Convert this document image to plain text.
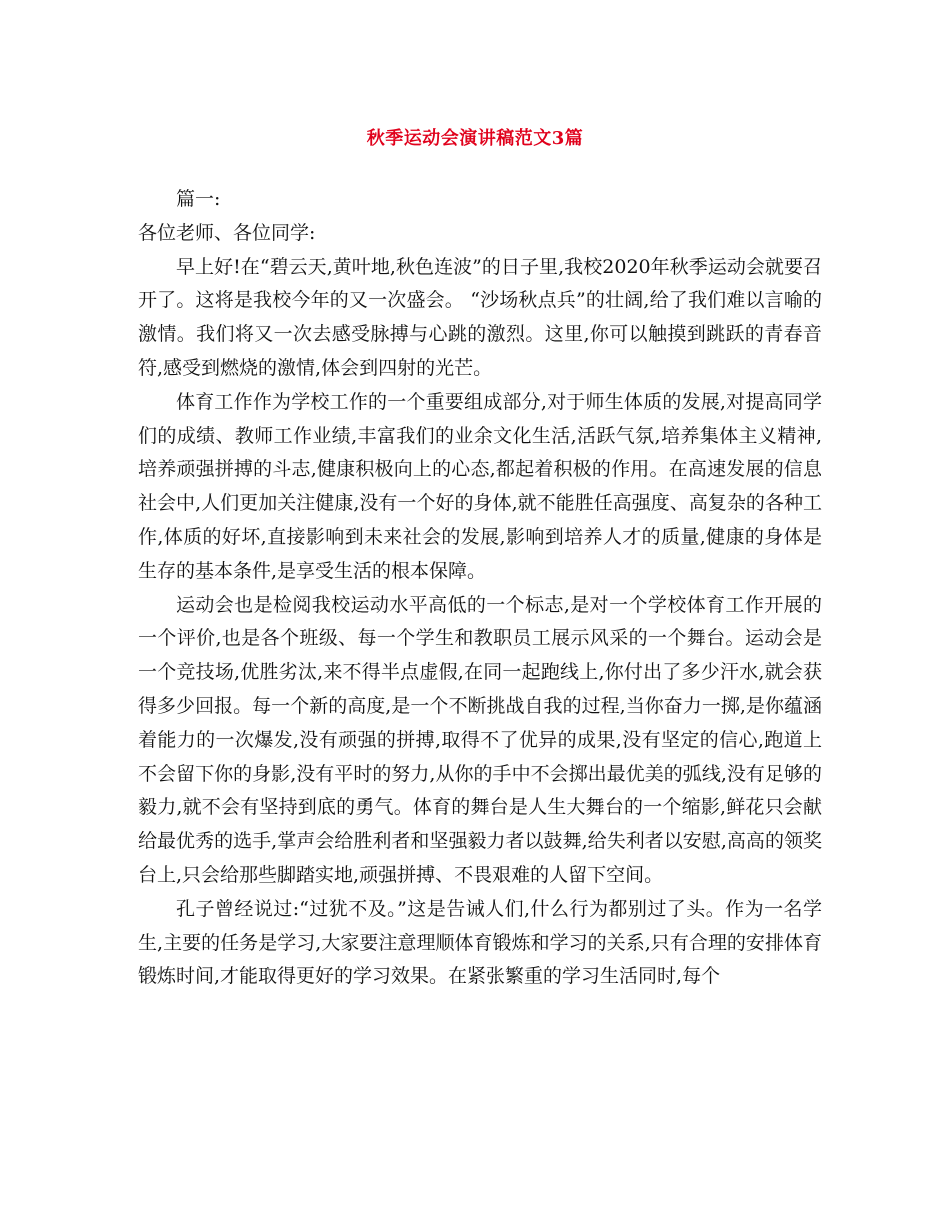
秋季运动会演讲稿范文3篇

篇一:

各位老师、各位同学:

早上好!在“碧云天,黄叶地,秋色连波”的日子里,我校2020年秋季运动会就要召开了。这将是我校今年的又一次盛会。 “沙场秋点兵”的壮阔,给了我们难以言喻的激情。我们将又一次去感受脉搏与心跳的激烈。这里,你可以触摸到跳跃的青春音符,感受到燃烧的激情,体会到四射的光芒。

体育工作作为学校工作的一个重要组成部分,对于师生体质的发展,对提高同学们的成绩、教师工作业绩,丰富我们的业余文化生活,活跃气氛,培养集体主义精神,培养顽强拼搏的斗志,健康积极向上的心态,都起着积极的作用。在高速发展的信息社会中,人们更加关注健康,没有一个好的身体,就不能胜任高强度、高复杂的各种工作,体质的好坏,直接影响到未来社会的发展,影响到培养人才的质量,健康的身体是生存的基本条件,是享受生活的根本保障。

运动会也是检阅我校运动水平高低的一个标志,是对一个学校体育工作开展的一个评价,也是各个班级、每一个学生和教职员工展示风采的一个舞台。运动会是一个竞技场,优胜劣汰,来不得半点虚假,在同一起跑线上,你付出了多少汗水,就会获得多少回报。每一个新的高度,是一个不断挑战自我的过程,当你奋力一掷,是你蕴涵着能力的一次爆发,没有顽强的拼搏,取得不了优异的成果,没有坚定的信心,跑道上不会留下你的身影,没有平时的努力,从你的手中不会掷出最优美的弧线,没有足够的毅力,就不会有坚持到底的勇气。体育的舞台是人生大舞台的一个缩影,鲜花只会献给最优秀的选手,掌声会给胜利者和坚强毅力者以鼓舞,给失利者以安慰,高高的领奖台上,只会给那些脚踏实地,顽强拼搏、不畏艰难的人留下空间。

孔子曾经说过:“过犹不及。”这是告诫人们,什么行为都别过了头。作为一名学生,主要的任务是学习,大家要注意理顺体育锻炼和学习的关系,只有合理的安排体育锻炼时间,才能取得更好的学习效果。在紧张繁重的学习生活同时,每个
